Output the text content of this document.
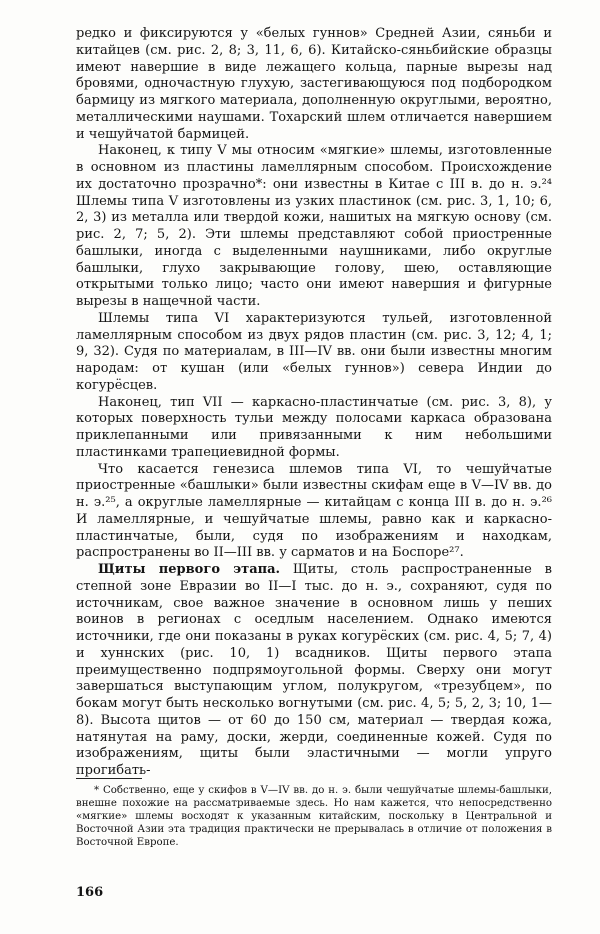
редко и фиксируются у «белых гуннов» Средней Азии, сяньби и китайцев (см. рис. 2, 8; 3, 11, 6, 6). Китайско-сяньбийские образцы имеют навершие в виде лежащего кольца, парные вырезы над бровями, одночастную глухую, застегивающуюся под подбородком бармицу из мягкого материала, дополненную округлыми, вероятно, металлическими наушами. Тохарский шлем отличается навершием и чешуйчатой бармицей.

Наконец, к типу V мы относим «мягкие» шлемы, изготовленные в основном из пластины ламеллярным способом. Происхождение их достаточно прозрачно*: они известны в Китае с III в. до н. э.²⁴ Шлемы типа V изготовлены из узких пластинок (см. рис. 3, 1, 10; 6, 2, 3) из металла или твердой кожи, нашитых на мягкую основу (см. рис. 2, 7; 5, 2). Эти шлемы представляют собой приостренные башлыки, иногда с выделенными наушниками, либо округлые башлыки, глухо закрывающие голову, шею, оставляющие открытыми только лицо; часто они имеют навершия и фигурные вырезы в нащечной части.

Шлемы типа VI характеризуются тульей, изготовленной ламеллярным способом из двух рядов пластин (см. рис. 3, 12; 4, 1; 9, 32). Судя по материалам, в III—IV вв. они были известны многим народам: от кушан (или «белых гуннов») севера Индии до когурёсцев.

Наконец, тип VII — каркасно-пластинчатые (см. рис. 3, 8), у которых поверхность тульи между полосами каркаса образована приклепанными или привязанными к ним небольшими пластинками трапециевидной формы.

Что касается генезиса шлемов типа VI, то чешуйчатые приостренные «башлыки» были известны скифам еще в V—IV вв. до н. э.²⁵, а округлые ламеллярные — китайцам с конца III в. до н. э.²⁶ И ламеллярные, и чешуйчатые шлемы, равно как и каркасно-пластинчатые, были, судя по изображениям и находкам, распространены во II—III вв. у сарматов и на Боспоре²⁷.

Щиты первого этапа. Щиты, столь распространенные в степной зоне Евразии во II—I тыс. до н. э., сохраняют, судя по источникам, свое важное значение в основном лишь у пеших воинов в регионах с оседлым населением. Однако имеются источники, где они показаны в руках когурёских (см. рис. 4, 5; 7, 4) и хуннских (рис. 10, 1) всадников. Щиты первого этапа преимущественно подпрямоугольной формы. Сверху они могут завершаться выступающим углом, полукругом, «трезубцем», по бокам могут быть несколько вогнутыми (см. рис. 4, 5; 5, 2, 3; 10, 1—8). Высота щитов — от 60 до 150 см, материал — твердая кожа, натянутая на раму, доски, жерди, соединенные кожей. Судя по изображениям, щиты были эластичными — могли упруго прогибать-

* Собственно, еще у скифов в V—IV вв. до н. э. были чешуйчатые шлемы-башлыки, внешне похожие на рассматриваемые здесь. Но нам кажется, что непосредственно «мягкие» шлемы восходят к указанным китайским, поскольку в Центральной и Восточной Азии эта традиция практически не прерывалась в отличие от положения в Восточной Европе.

166
